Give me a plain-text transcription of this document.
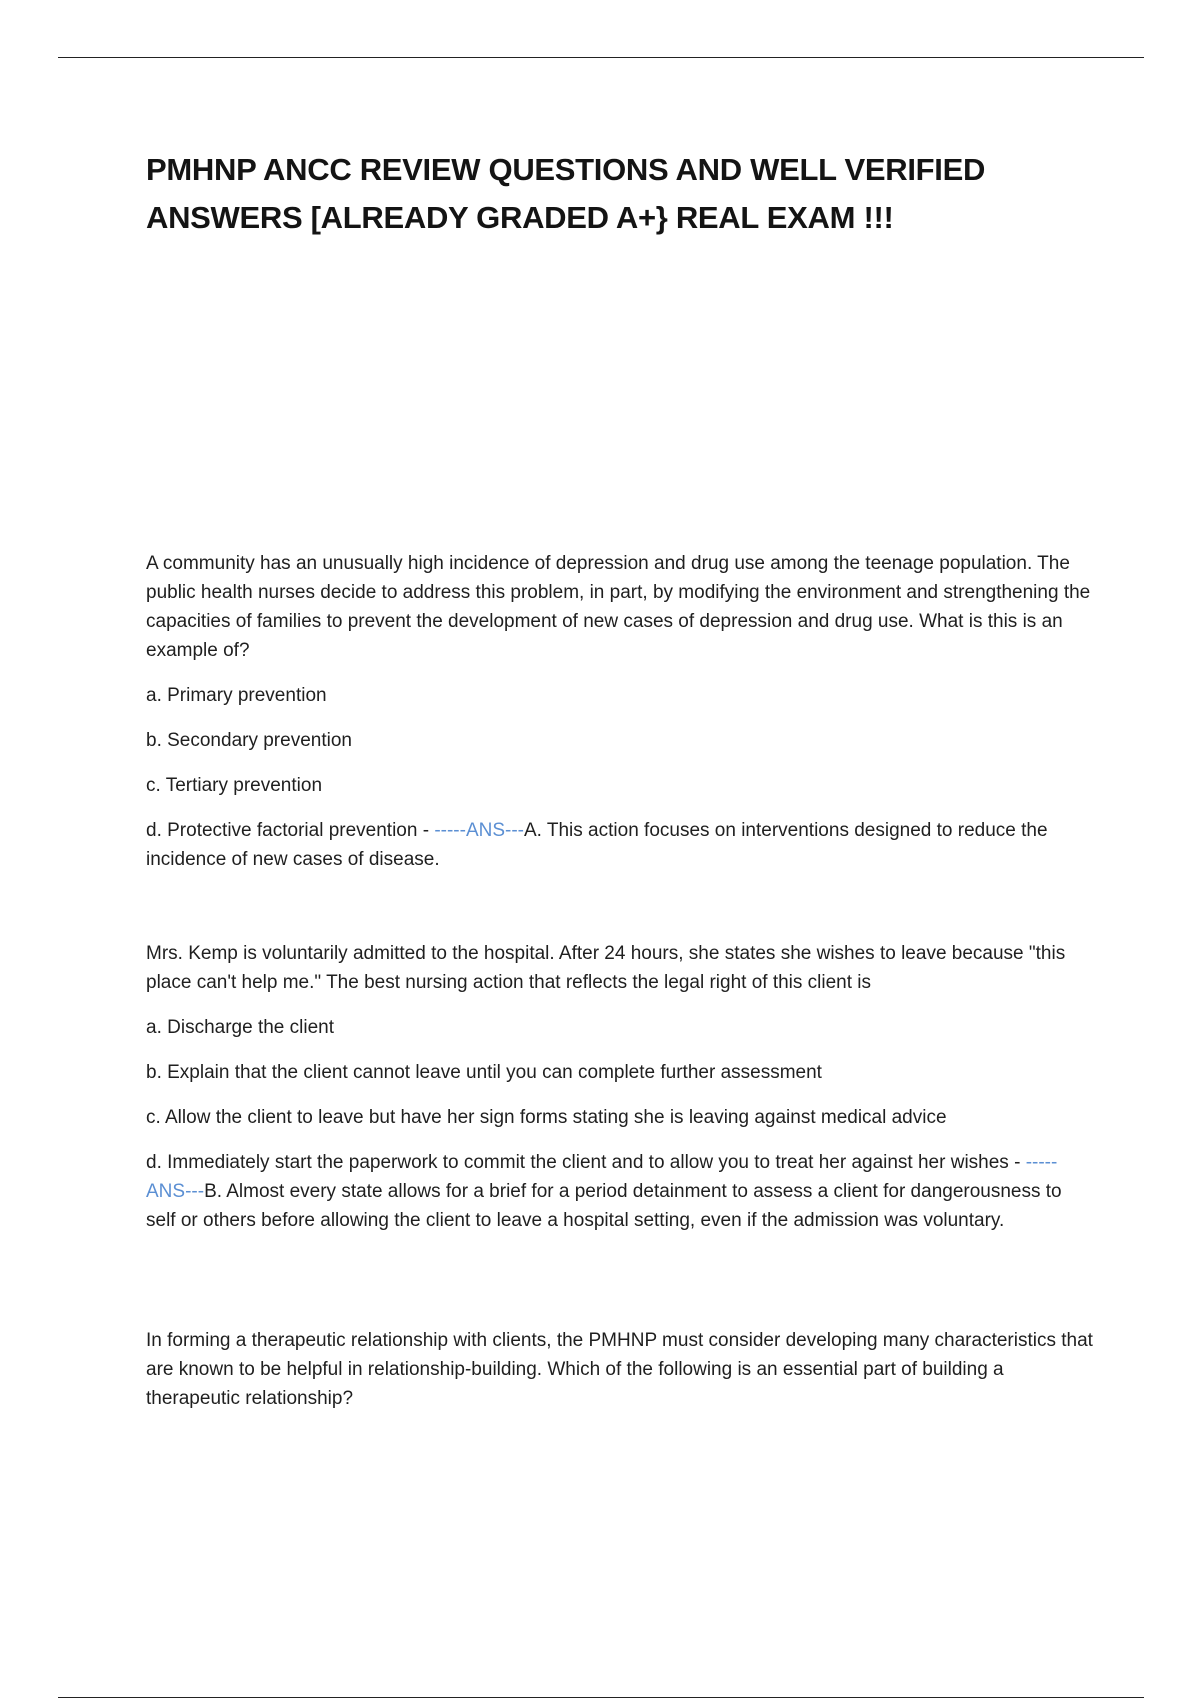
PMHNP ANCC REVIEW QUESTIONS AND WELL VERIFIED ANSWERS [ALREADY GRADED A+} REAL EXAM !!!

A community has an unusually high incidence of depression and drug use among the teenage population. The public health nurses decide to address this problem, in part, by modifying the environment and strengthening the capacities of families to prevent the development of new cases of depression and drug use. What is this is an example of?

a. Primary prevention

b. Secondary prevention

c. Tertiary prevention

d. Protective factorial prevention - -----ANS---A. This action focuses on interventions designed to reduce the incidence of new cases of disease.

Mrs. Kemp is voluntarily admitted to the hospital. After 24 hours, she states she wishes to leave because "this place can't help me." The best nursing action that reflects the legal right of this client is

a. Discharge the client

b. Explain that the client cannot leave until you can complete further assessment

c. Allow the client to leave but have her sign forms stating she is leaving against medical advice

d. Immediately start the paperwork to commit the client and to allow you to treat her against her wishes - -----ANS---B. Almost every state allows for a brief for a period detainment to assess a client for dangerousness to self or others before allowing the client to leave a hospital setting, even if the admission was voluntary.

In forming a therapeutic relationship with clients, the PMHNP must consider developing many characteristics that are known to be helpful in relationship-building. Which of the following is an essential part of building a therapeutic relationship?
